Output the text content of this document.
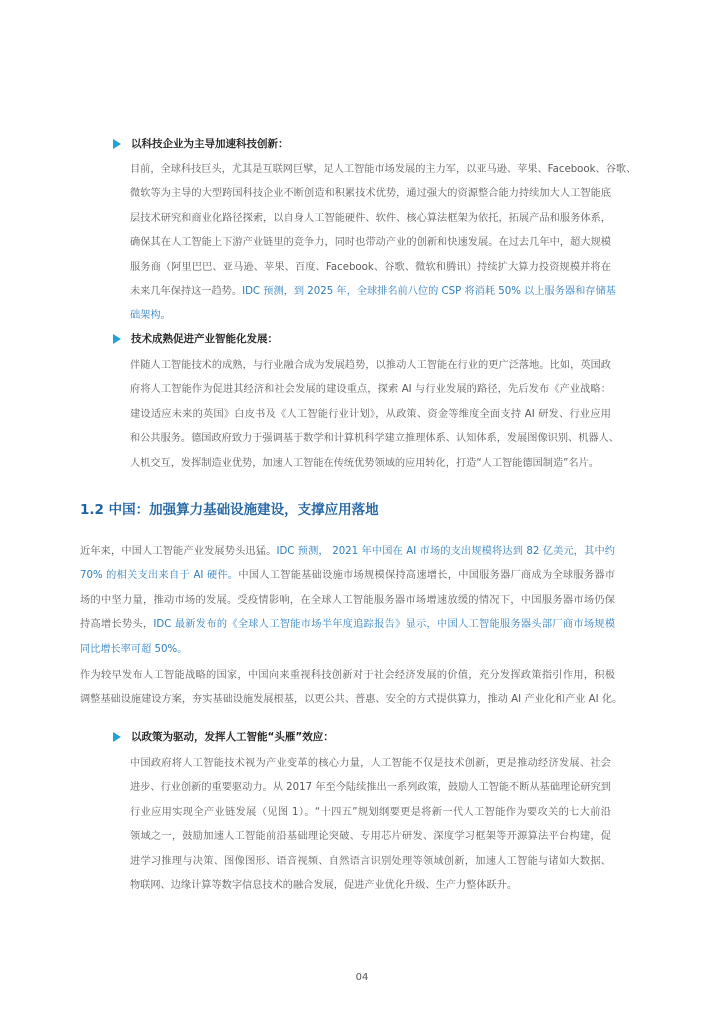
以科技企业为主导加速科技创新：
目前，全球科技巨头，尤其是互联网巨擘，足人工智能市场发展的主力军，以亚马逊、苹果、Facebook、谷歌、
微软等为主导的大型跨国科技企业不断创造和积累技术优势，通过强大的资源整合能力持续加大人工智能底
层技术研究和商业化路径探索，以自身人工智能硬件、软件、核心算法框架为依托，拓展产品和服务体系，
确保其在人工智能上下游产业链里的竞争力，同时也带动产业的创新和快速发展。在过去几年中，超大规模
服务商（阿里巴巴、亚马逊、苹果、百度、Facebook、谷歌、微软和腾讯）持续扩大算力投资规模并将在
未来几年保持这一趋势。IDC 预测，到 2025 年，全球排名前八位的 CSP 将消耗 50% 以上服务器和存储基
础架构。
技术成熟促进产业智能化发展：
伴随人工智能技术的成熟，与行业融合成为发展趋势，以推动人工智能在行业的更广泛落地。比如，英国政
府将人工智能作为促进其经济和社会发展的建设重点，探索 AI 与行业发展的路径，先后发布《产业战略：
建设适应未来的英国》白皮书及《人工智能行业计划》，从政策、资金等维度全面支持 AI 研发、行业应用
和公共服务。德国政府致力于强调基于数学和计算机科学建立推理体系、认知体系，发展图像识别、机器人、
人机交互，发挥制造业优势，加速人工智能在传统优势领域的应用转化，打造“人工智能德国制造”名片。
1.2 中国：加强算力基础设施建设，支撑应用落地
近年来，中国人工智能产业发展势头迅猛。IDC 预测， 2021 年中国在 AI 市场的支出规模将达到 82 亿美元，其中约
70% 的相关支出来自于 AI 硬件。中国人工智能基础设施市场规模保持高速增长，中国服务器厂商成为全球服务器市
场的中坚力量，推动市场的发展。受疫情影响，在全球人工智能服务器市场增速放缓的情况下，中国服务器市场仍保
持高增长势头，IDC 最新发布的《全球人工智能市场半年度追踪报告》显示，中国人工智能服务器头部厂商市场规模
同比增长率可超 50%。
作为较早发布人工智能战略的国家，中国向来重视科技创新对于社会经济发展的价值，充分发挥政策指引作用，积极
调整基础设施建设方案，夯实基础设施发展根基，以更公共、普惠、安全的方式提供算力，推动 AI 产业化和产业 AI 化。
以政策为驱动，发挥人工智能“头雁”效应：
中国政府将人工智能技术视为产业变革的核心力量，人工智能不仅是技术创新，更是推动经济发展、社会
进步、行业创新的重要驱动力。从 2017 年至今陆续推出一系列政策，鼓励人工智能不断从基础理论研究到
行业应用实现全产业链发展（见图 1）。“十四五”规划纲要更是将新一代人工智能作为要攻关的七大前沿
领域之一，鼓励加速人工智能前沿基础理论突破、专用芯片研发、深度学习框架等开源算法平台构建，促
进学习推理与决策、图像图形、语音视频、自然语言识别处理等领域创新，加速人工智能与诸如大数据、
物联网、边缘计算等数字信息技术的融合发展，促进产业优化升级、生产力整体跃升。
04
